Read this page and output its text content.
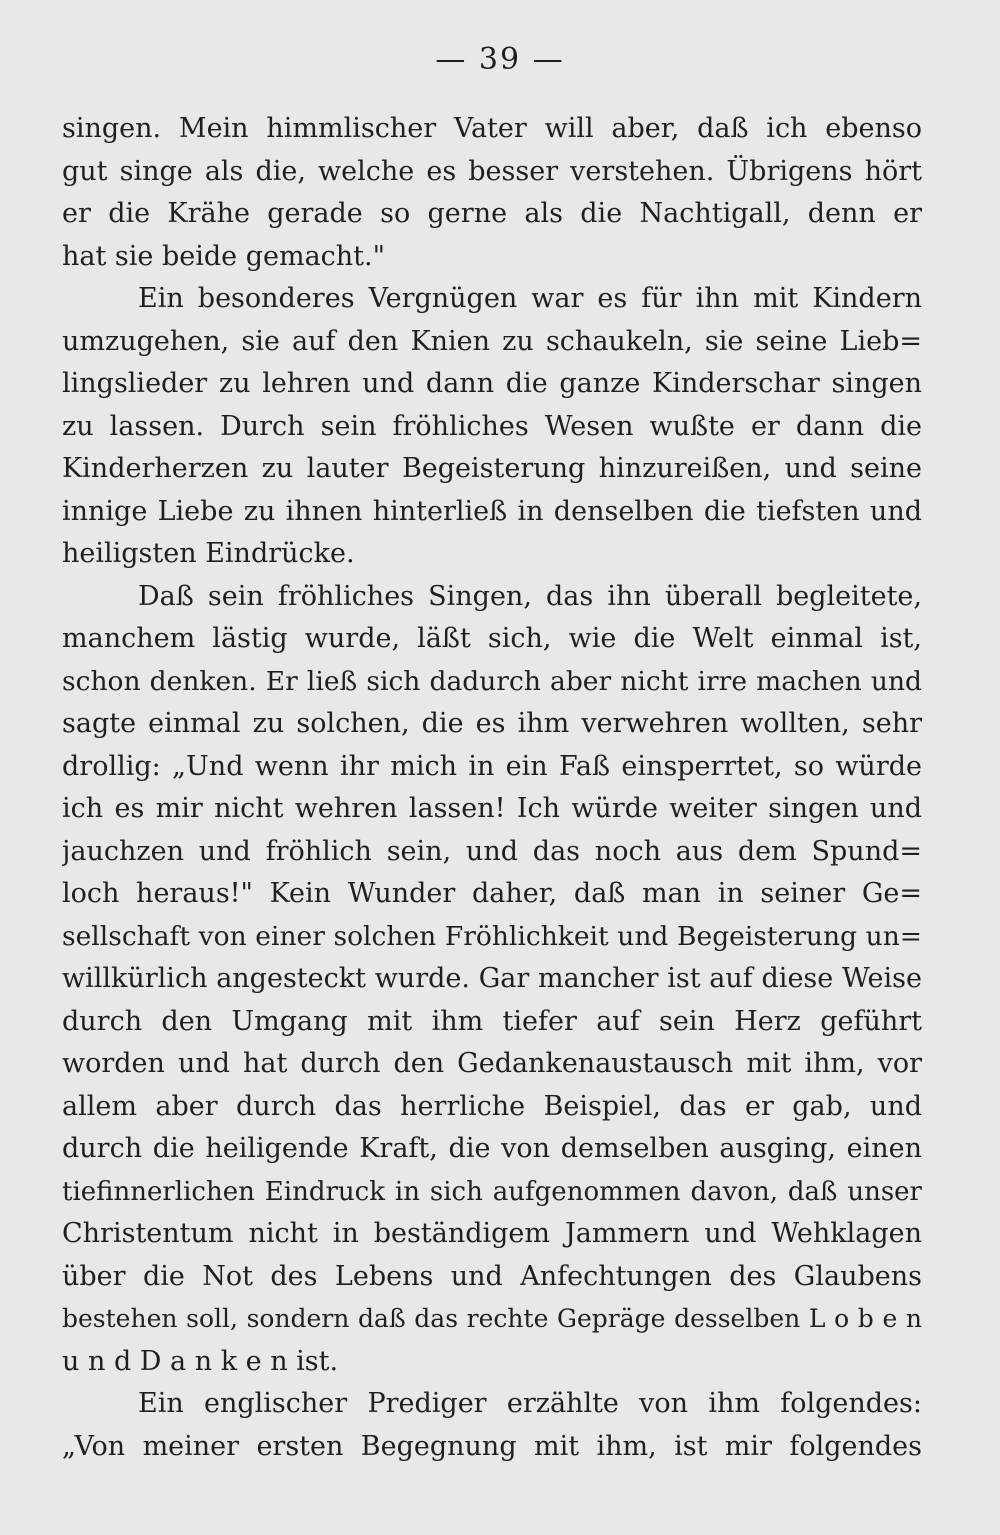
— 39 —
singen. Mein himmlischer Vater will aber, daß ich ebenso
gut singe als die, welche es besser verstehen. Übrigens hört
er die Krähe gerade so gerne als die Nachtigall, denn er
hat sie beide gemacht."
Ein besonderes Vergnügen war es für ihn mit Kindern
umzugehen, sie auf den Knien zu schaukeln, sie seine Lieb=
lingslieder zu lehren und dann die ganze Kinderschar singen
zu lassen. Durch sein fröhliches Wesen wußte er dann die
Kinderherzen zu lauter Begeisterung hinzureißen, und seine
innige Liebe zu ihnen hinterließ in denselben die tiefsten und
heiligsten Eindrücke.
Daß sein fröhliches Singen, das ihn überall begleitete,
manchem lästig wurde, läßt sich, wie die Welt einmal ist,
schon denken. Er ließ sich dadurch aber nicht irre machen und
sagte einmal zu solchen, die es ihm verwehren wollten, sehr
drollig: „Und wenn ihr mich in ein Faß einsperrtet, so würde
ich es mir nicht wehren lassen! Ich würde weiter singen und
jauchzen und fröhlich sein, und das noch aus dem Spund=
loch heraus!" Kein Wunder daher, daß man in seiner Ge=
sellschaft von einer solchen Fröhlichkeit und Begeisterung un=
willkürlich angesteckt wurde. Gar mancher ist auf diese Weise
durch den Umgang mit ihm tiefer auf sein Herz geführt
worden und hat durch den Gedankenaustausch mit ihm, vor
allem aber durch das herrliche Beispiel, das er gab, und
durch die heiligende Kraft, die von demselben ausging, einen
tiefinnerlichen Eindruck in sich aufgenommen davon, daß unser
Christentum nicht in beständigem Jammern und Wehklagen
über die Not des Lebens und Anfechtungen des Glaubens
bestehen soll, sondern daß das rechte Gepräge desselben L o b e n
u n d D a n k e n ist.
Ein englischer Prediger erzählte von ihm folgendes:
„Von meiner ersten Begegnung mit ihm, ist mir folgendes
